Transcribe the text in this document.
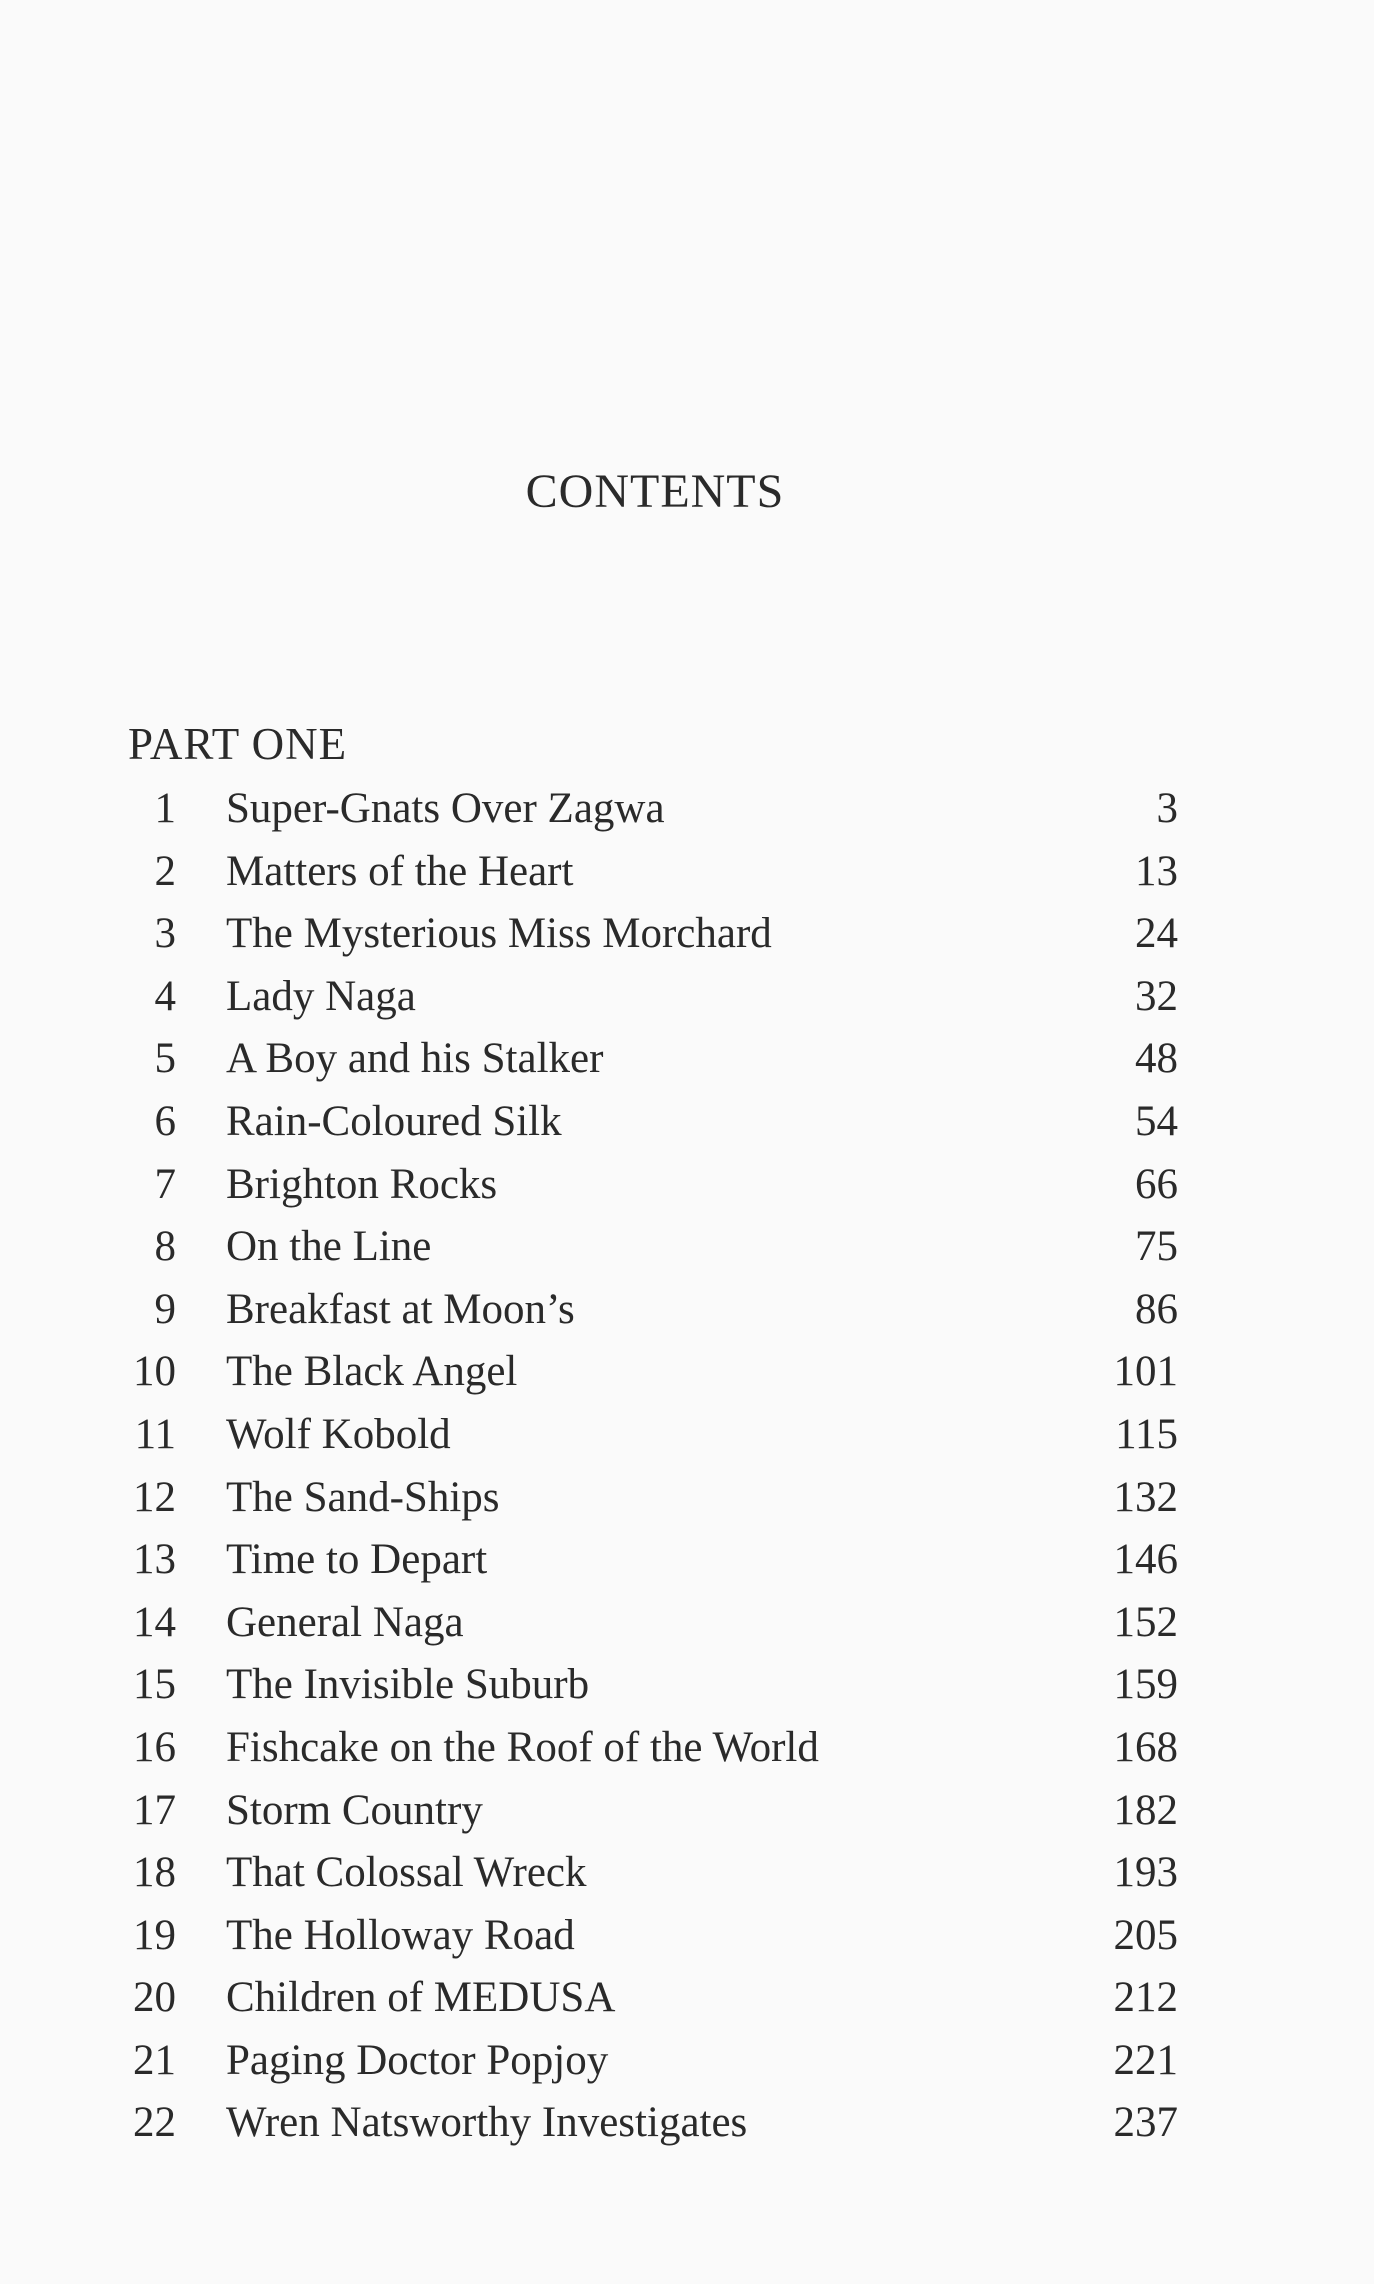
CONTENTS
PART ONE
1 Super-Gnats Over Zagwa	3
2 Matters of the Heart	13
3 The Mysterious Miss Morchard	24
4 Lady Naga	32
5 A Boy and his Stalker	48
6 Rain-Coloured Silk	54
7 Brighton Rocks	66
8 On the Line	75
9 Breakfast at Moon’s	86
10 The Black Angel	101
11 Wolf Kobold	115
12 The Sand-Ships	132
13 Time to Depart	146
14 General Naga	152
15 The Invisible Suburb	159
16 Fishcake on the Roof of the World	168
17 Storm Country	182
18 That Colossal Wreck	193
19 The Holloway Road	205
20 Children of MEDUSA	212
21 Paging Doctor Popjoy	221
22 Wren Natsworthy Investigates	237
